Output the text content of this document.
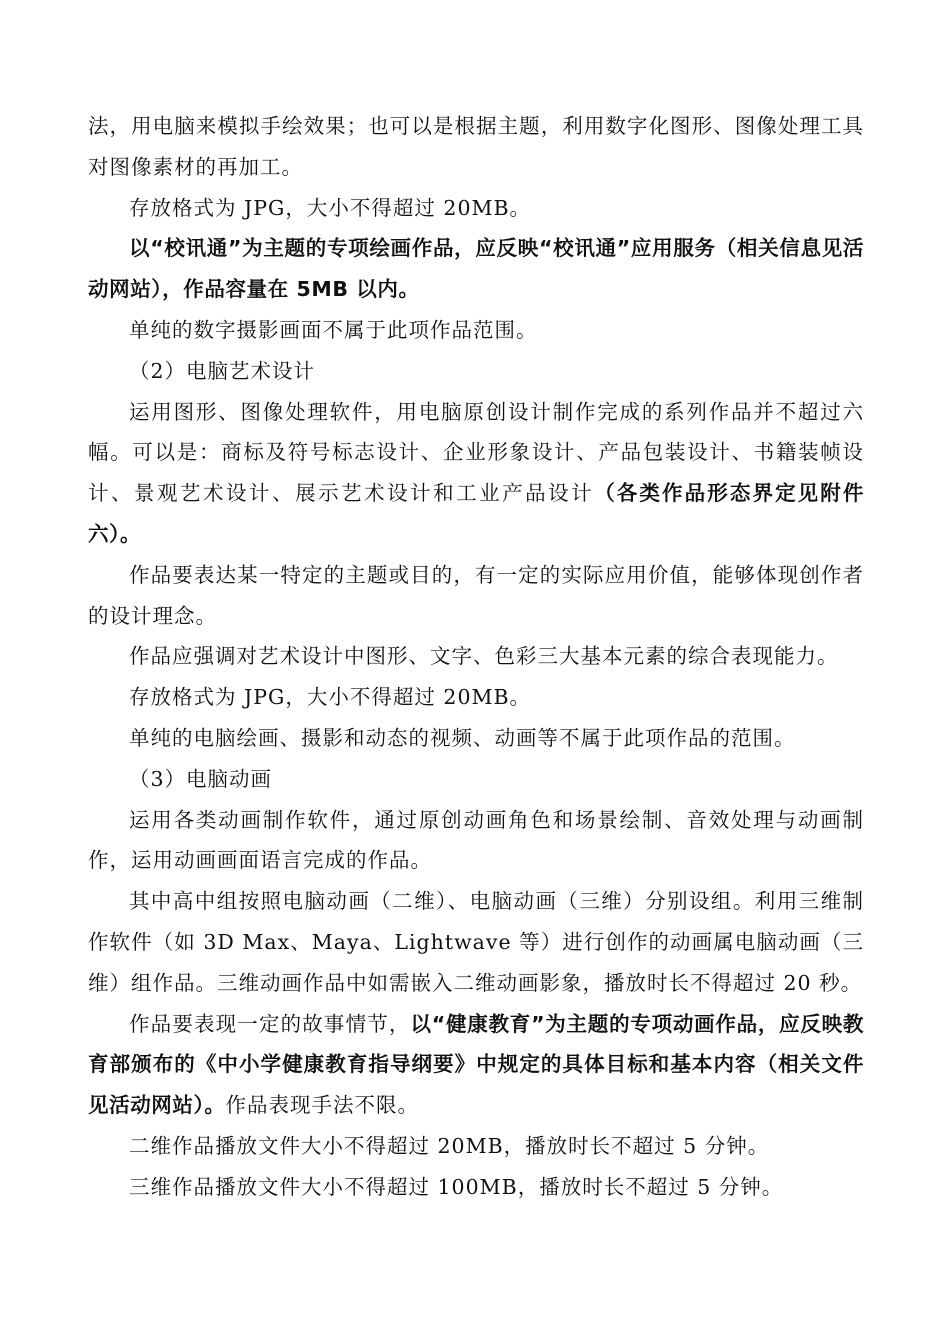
法，用电脑来模拟手绘效果；也可以是根据主题，利用数字化图形、图像处理工具对图像素材的再加工。

存放格式为 JPG，大小不得超过 20MB。

以“校讯通”为主题的专项绘画作品，应反映“校讯通”应用服务（相关信息见活动网站），作品容量在 5MB 以内。

单纯的数字摄影画面不属于此项作品范围。

（2）电脑艺术设计

运用图形、图像处理软件，用电脑原创设计制作完成的系列作品并不超过六幅。可以是：商标及符号标志设计、企业形象设计、产品包装设计、书籍装帧设计、景观艺术设计、展示艺术设计和工业产品设计（各类作品形态界定见附件六）。

作品要表达某一特定的主题或目的，有一定的实际应用价值，能够体现创作者的设计理念。

作品应强调对艺术设计中图形、文字、色彩三大基本元素的综合表现能力。

存放格式为 JPG，大小不得超过 20MB。

单纯的电脑绘画、摄影和动态的视频、动画等不属于此项作品的范围。

（3）电脑动画

运用各类动画制作软件，通过原创动画角色和场景绘制、音效处理与动画制作，运用动画画面语言完成的作品。

其中高中组按照电脑动画（二维）、电脑动画（三维）分别设组。利用三维制作软件（如 3D Max、Maya、Lightwave 等）进行创作的动画属电脑动画（三维）组作品。三维动画作品中如需嵌入二维动画影象，播放时长不得超过 20 秒。

作品要表现一定的故事情节，以“健康教育”为主题的专项动画作品，应反映教育部颁布的《中小学健康教育指导纲要》中规定的具体目标和基本内容（相关文件见活动网站）。作品表现手法不限。

二维作品播放文件大小不得超过 20MB，播放时长不超过 5 分钟。

三维作品播放文件大小不得超过 100MB，播放时长不超过 5 分钟。
